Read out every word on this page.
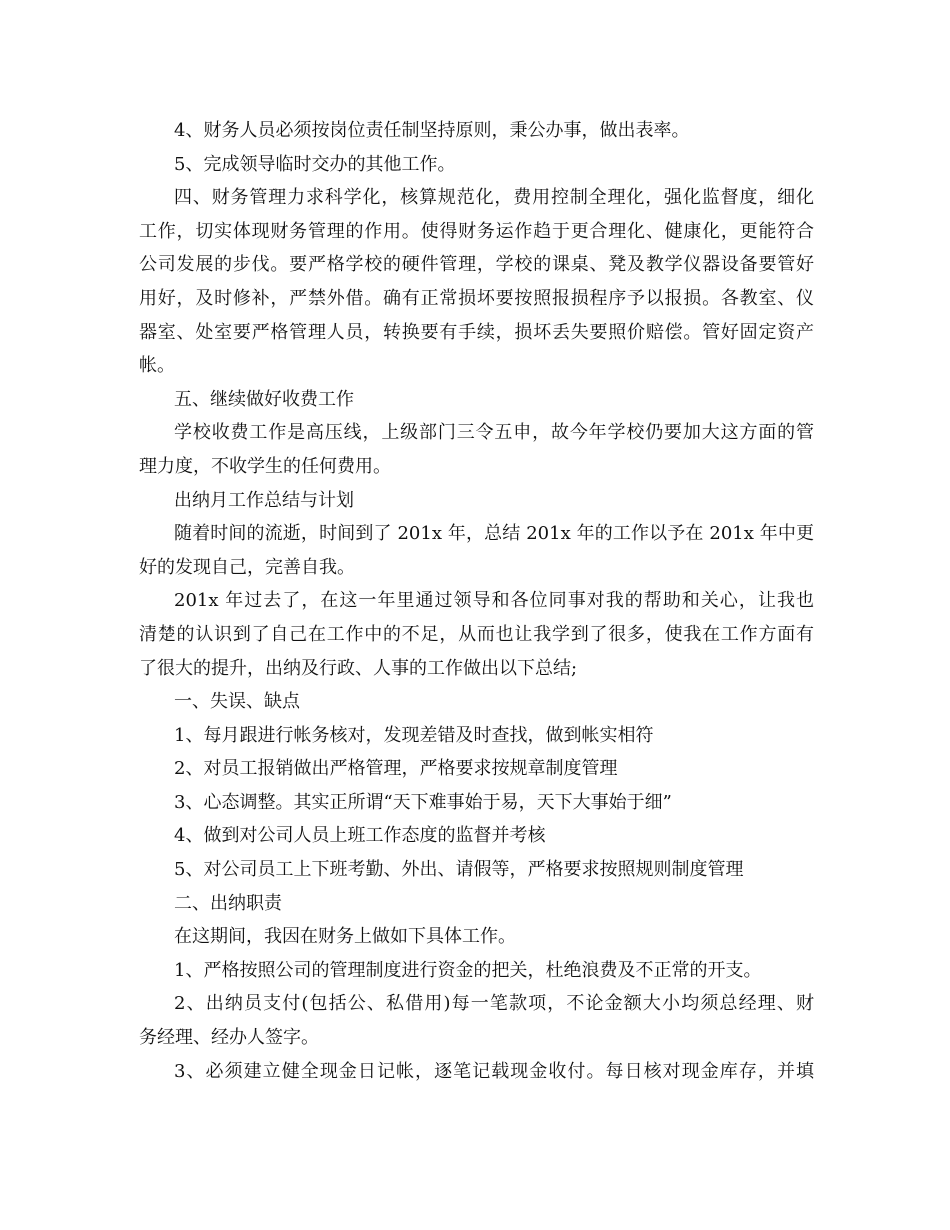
4、财务人员必须按岗位责任制坚持原则，秉公办事，做出表率。
5、完成领导临时交办的其他工作。
四、财务管理力求科学化，核算规范化，费用控制全理化，强化监督度，细化
工作，切实体现财务管理的作用。使得财务运作趋于更合理化、健康化，更能符合
公司发展的步伐。要严格学校的硬件管理，学校的课桌、凳及教学仪器设备要管好
用好，及时修补，严禁外借。确有正常损坏要按照报损程序予以报损。各教室、仪
器室、处室要严格管理人员，转换要有手续，损坏丢失要照价赔偿。管好固定资产
帐。
五、继续做好收费工作
学校收费工作是高压线，上级部门三令五申，故今年学校仍要加大这方面的管
理力度，不收学生的任何费用。
出纳月工作总结与计划
随着时间的流逝，时间到了 201x 年，总结 201x 年的工作以予在 201x 年中更
好的发现自己，完善自我。
201x 年过去了，在这一年里通过领导和各位同事对我的帮助和关心，让我也
清楚的认识到了自己在工作中的不足，从而也让我学到了很多，使我在工作方面有
了很大的提升，出纳及行政、人事的工作做出以下总结;
一、失误、缺点
1、每月跟进行帐务核对，发现差错及时查找，做到帐实相符
2、对员工报销做出严格管理，严格要求按规章制度管理
3、心态调整。其实正所谓“天下难事始于易，天下大事始于细”
4、做到对公司人员上班工作态度的监督并考核
5、对公司员工上下班考勤、外出、请假等，严格要求按照规则制度管理
二、出纳职责
在这期间，我因在财务上做如下具体工作。
1、严格按照公司的管理制度进行资金的把关，杜绝浪费及不正常的开支。
2、出纳员支付(包括公、私借用)每一笔款项，不论金额大小均须总经理、财
务经理、经办人签字。
3、必须建立健全现金日记帐，逐笔记载现金收付。每日核对现金库存，并填
